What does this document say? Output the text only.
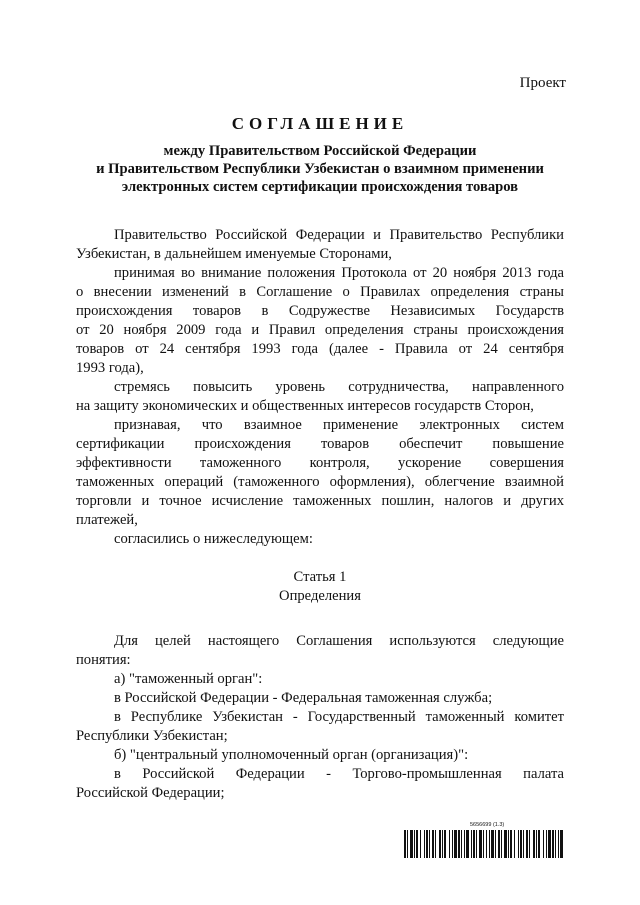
Проект
СОГЛАШЕНИЕ
между Правительством Российской Федерации
и Правительством Республики Узбекистан о взаимном применении
электронных систем сертификации происхождения товаров
Правительство Российской Федерации и Правительство Республики
Узбекистан, в дальнейшем именуемые Сторонами,
принимая во внимание положения Протокола от 20 ноября 2013 года
о внесении изменений в Соглашение о Правилах определения страны
происхождения товаров в Содружестве Независимых Государств
от 20 ноября 2009 года и Правил определения страны происхождения
товаров от 24 сентября 1993 года (далее - Правила от 24 сентября
1993 года),
стремясь повысить уровень сотрудничества, направленного
на защиту экономических и общественных интересов государств Сторон,
признавая, что взаимное применение электронных систем
сертификации происхождения товаров обеспечит повышение
эффективности таможенного контроля, ускорение совершения
таможенных операций (таможенного оформления), облегчение взаимной
торговли и точное исчисление таможенных пошлин, налогов и других
платежей,
согласились о нижеследующем:
Статья 1
Определения
Для целей настоящего Соглашения используются следующие
понятия:
а) "таможенный орган":
в Российской Федерации - Федеральная таможенная служба;
в Республике Узбекистан - Государственный таможенный комитет
Республики Узбекистан;
б) "центральный уполномоченный орган (организация)":
в Российской Федерации - Торгово-промышленная палата
Российской Федерации;
5656699 (1.3)
